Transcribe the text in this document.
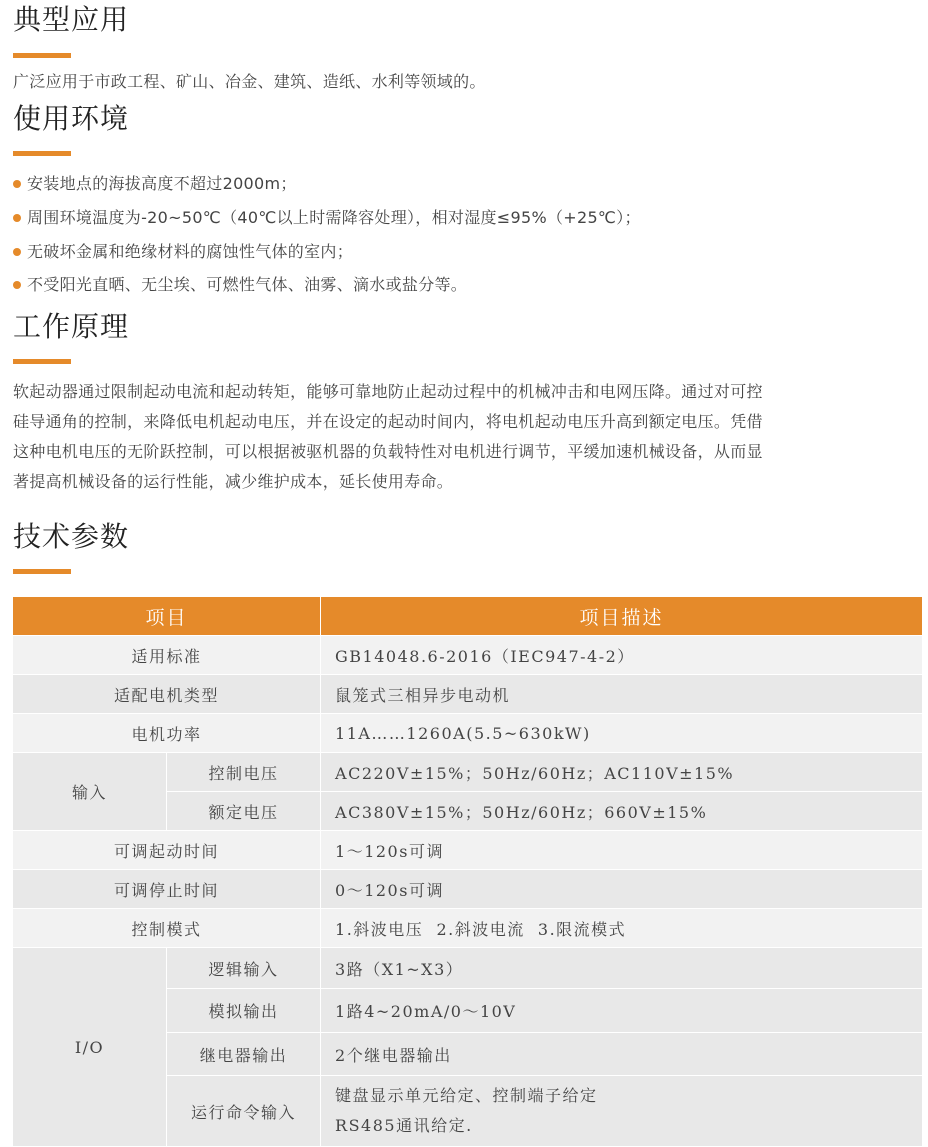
典型应用

广泛应用于市政工程、矿山、冶金、建筑、造纸、水利等领域的。

使用环境
安装地点的海拔高度不超过2000m；
周围环境温度为-20~50℃（40℃以上时需降容处理），相对湿度≤95%（+25℃）；
无破坏金属和绝缘材料的腐蚀性气体的室内；
不受阳光直晒、无尘埃、可燃性气体、油雾、滴水或盐分等。
工作原理
软起动器通过限制起动电流和起动转矩，能够可靠地防止起动过程中的机械冲击和电网压降。通过对可控
硅导通角的控制，来降低电机起动电压，并在设定的起动时间内，将电机起动电压升高到额定电压。凭借
这种电机电压的无阶跃控制，可以根据被驱机器的负载特性对电机进行调节，平缓加速机械设备，从而显
著提高机械设备的运行性能，减少维护成本，延长使用寿命。
技术参数
项目		项目描述
适用标准		GB14048.6-2016（IEC947-4-2）
适配电机类型		鼠笼式三相异步电动机
电机功率		11A……1260A(5.5~630kW)
输入	控制电压	AC220V±15%；50Hz/60Hz；AC110V±15%
	额定电压	AC380V±15%；50Hz/60Hz；660V±15%
可调起动时间		1～120s可调
可调停止时间		0～120s可调
控制模式		1.斜波电压  2.斜波电流  3.限流模式
I/O	逻辑输入	3路（X1~X3）
	模拟输出	1路4~20mA/0～10V
	继电器输出	2个继电器输出
	运行命令输入	键盘显示单元给定、控制端子给定
RS485通讯给定.
